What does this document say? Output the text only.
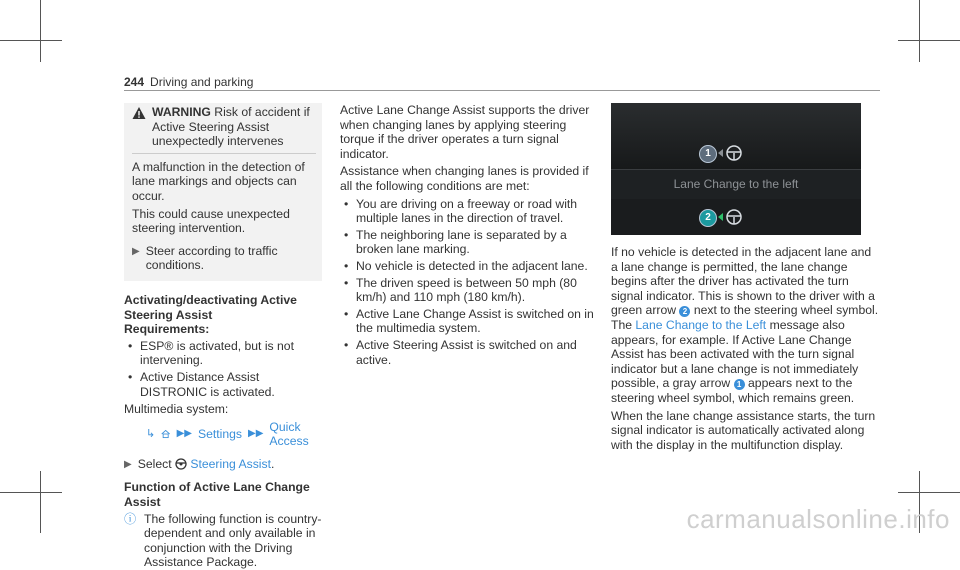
244 Driving and parking
WARNING Risk of accident if Active Steering Assist unexpectedly intervenes

A malfunction in the detection of lane markings and objects can occur.

This could cause unexpected steering intervention.

▶ Steer according to traffic conditions.
Activating/deactivating Active Steering Assist
Requirements:
• ESP® is activated, but is not intervening.
• Active Distance Assist DISTRONIC is activated.

Multimedia system:

↳ ▶▶ Settings ▶▶ Quick Access
▶ Select Steering Assist.
Function of Active Lane Change Assist
ⓘ The following function is country-dependent and only available in conjunction with the Driving Assistance Package.

Active Lane Change Assist supports the driver when changing lanes by applying steering torque if the driver operates a turn signal indicator.

Assistance when changing lanes is provided if all the following conditions are met:

• You are driving on a freeway or road with multiple lanes in the direction of travel.
• The neighboring lane is separated by a broken lane marking.
• No vehicle is detected in the adjacent lane.
• The driven speed is between 50 mph (80 km/h) and 110 mph (180 km/h).
• Active Lane Change Assist is switched on in the multimedia system.
• Active Steering Assist is switched on and active.
Lane Change to the left
1
2

If no vehicle is detected in the adjacent lane and a lane change is permitted, the lane change begins after the driver has activated the turn signal indicator. This is shown to the driver with a green arrow 2 next to the steering wheel symbol. The Lane Change to the Left message also appears, for example. If Active Lane Change Assist has been activated with the turn signal indicator but a lane change is not immediately possible, a gray arrow 1 appears next to the steering wheel symbol, which remains green.

When the lane change assistance starts, the turn signal indicator is automatically activated along with the display in the multifunction display.

carmanualsonline.info
